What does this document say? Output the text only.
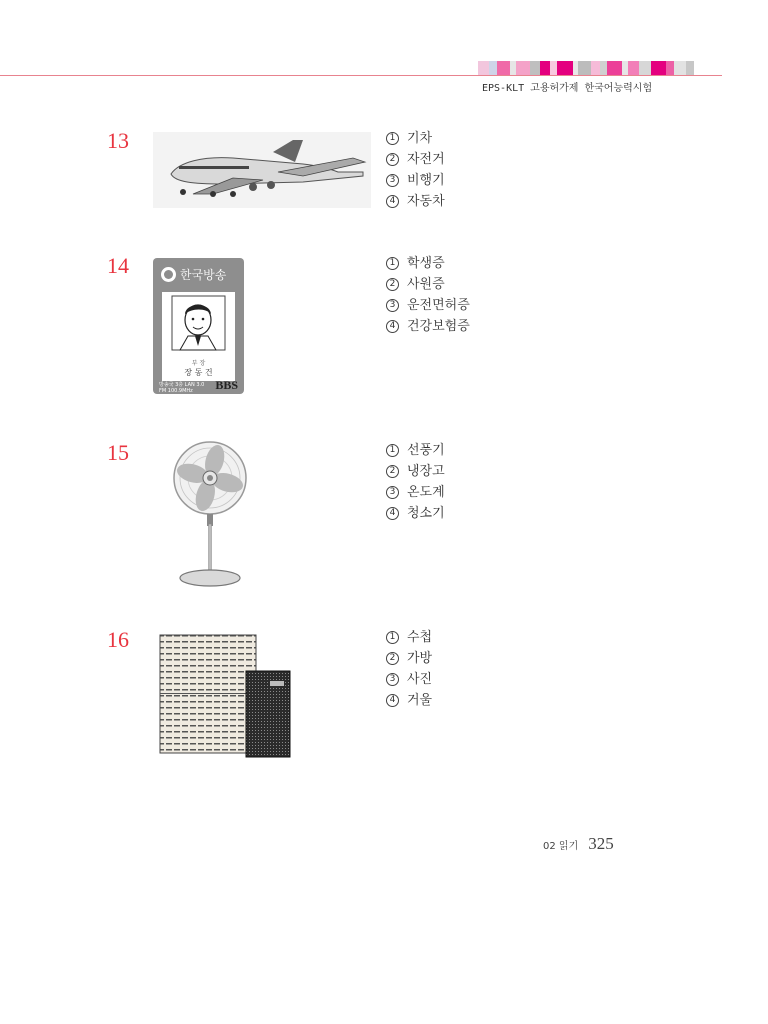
EPS-KLT 고용허가제 한국어능력시험
13	1 기차
2 자전거
3 비행기
4 자동차
14	한국방송
부 장
장 동 건
방송국 3층 LAN 3.0
FM 100.9MHz BBS
1 학생증
2 사원증
3 운전면허증
4 건강보험증
15	1 선풍기
2 냉장고
3 온도계
4 청소기
16	1 수첩
2 가방
3 사진
4 거울
02 읽기 325
